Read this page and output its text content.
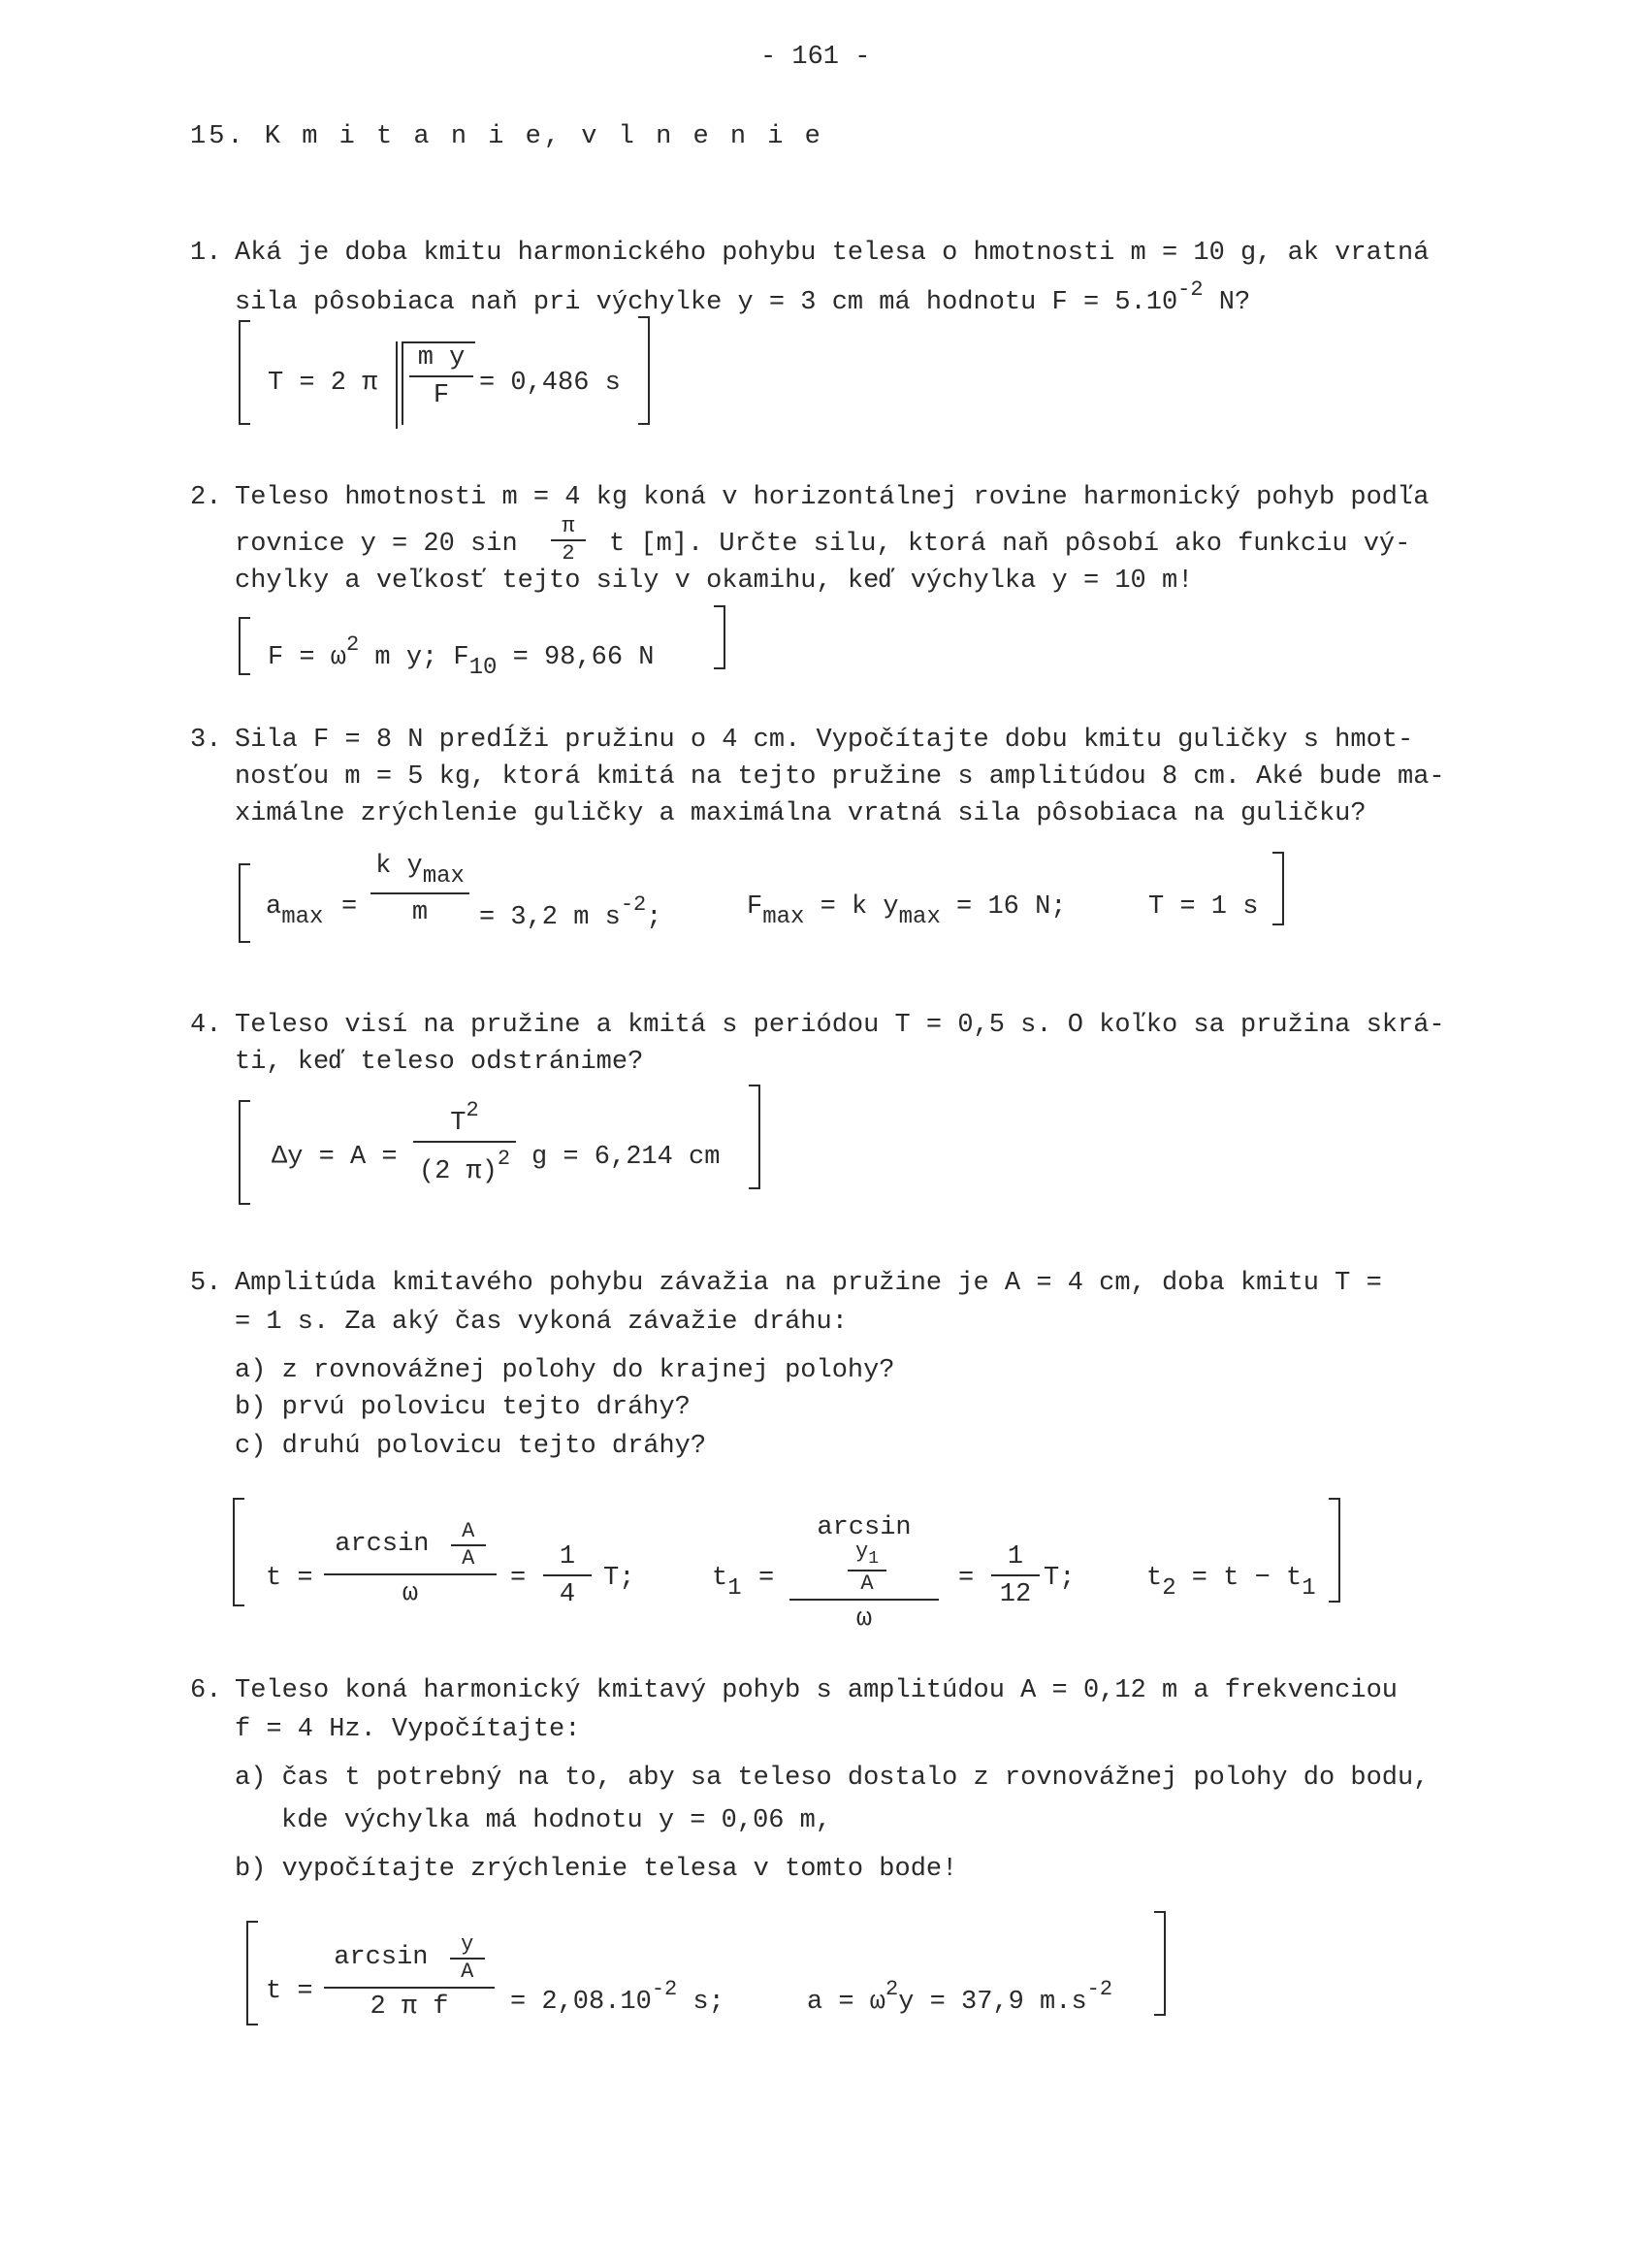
- 161 -
15. K m i t a n i e, v l n e n i e
1. Aká je doba kmitu harmonického pohybu telesa o hmotnosti m = 10 g, ak vratná
sila pôsobiaca naň pri výchylke y = 3 cm má hodnotu $F = 5.10^{-2}$ N?
T = 2 π
m y
F	= 0,486 s
2. Teleso hmotnosti m = 4 kg koná v horizontálnej rovine harmonický pohyb podľa
rovnice y = 20 sin
π
2	t [m]. Určte silu, ktorá naň pôsobí ako funkciu vý-
chylky a veľkosť tejto sily v okamihu, keď výchylka y = 10 m!
$F = \omega^2$ m y; F10 = 98,66 N
3. Sila F = 8 N predĺži pružinu o 4 cm. Vypočítajte dobu kmitu guličky s hmot-
nosťou m = 5 kg, ktorá kmitá na tejto pružine s amplitúdou 8 cm. Aké bude ma-
ximálne zrýchlenie guličky a maximálna vratná sila pôsobiaca na guličku?
amax =
k ymax
m	= 3,2 m $s^{-2}$;	Fmax = k ymax = 16 N;	T = 1 s
4. Teleso visí na pružine a kmitá s periódou T = 0,5 s. O koľko sa pružina skrá-
ti, keď teleso odstránime?
Δy = A =
$T^2$
(2 π)$^2$ g = 6,214 cm
5. Amplitúda kmitavého pohybu závažia na pružine je A = 4 cm, doba kmitu T =
= 1 s. Za aký čas vykoná závažie dráhu:
a) z rovnovážnej polohy do krajnej polohy?
b) prvú polovicu tejto dráhy?
c) druhú polovicu tejto dráhy?
t =
$\arcsin \frac{A}{A}$
ω
=
1
4
T;	t1 =
arcsin
$\frac{y_1}{A}$
ω
=
1
12
T;	t2 = t − t1
6. Teleso koná harmonický kmitavý pohyb s amplitúdou A = 0,12 m a frekvenciou
f = 4 Hz. Vypočítajte:
a) čas t potrebný na to, aby sa teleso dostalo z rovnovážnej polohy do bodu,
kde výchylka má hodnotu y = 0,06 m,
b) vypočítajte zrýchlenie telesa v tomto bode!
t =
$\arcsin \frac{y}{A}$
2 π f	= $2,08.10^{-2}$ s;	$a = \omega^2y = 37,9$ $m.s^{-2}$
